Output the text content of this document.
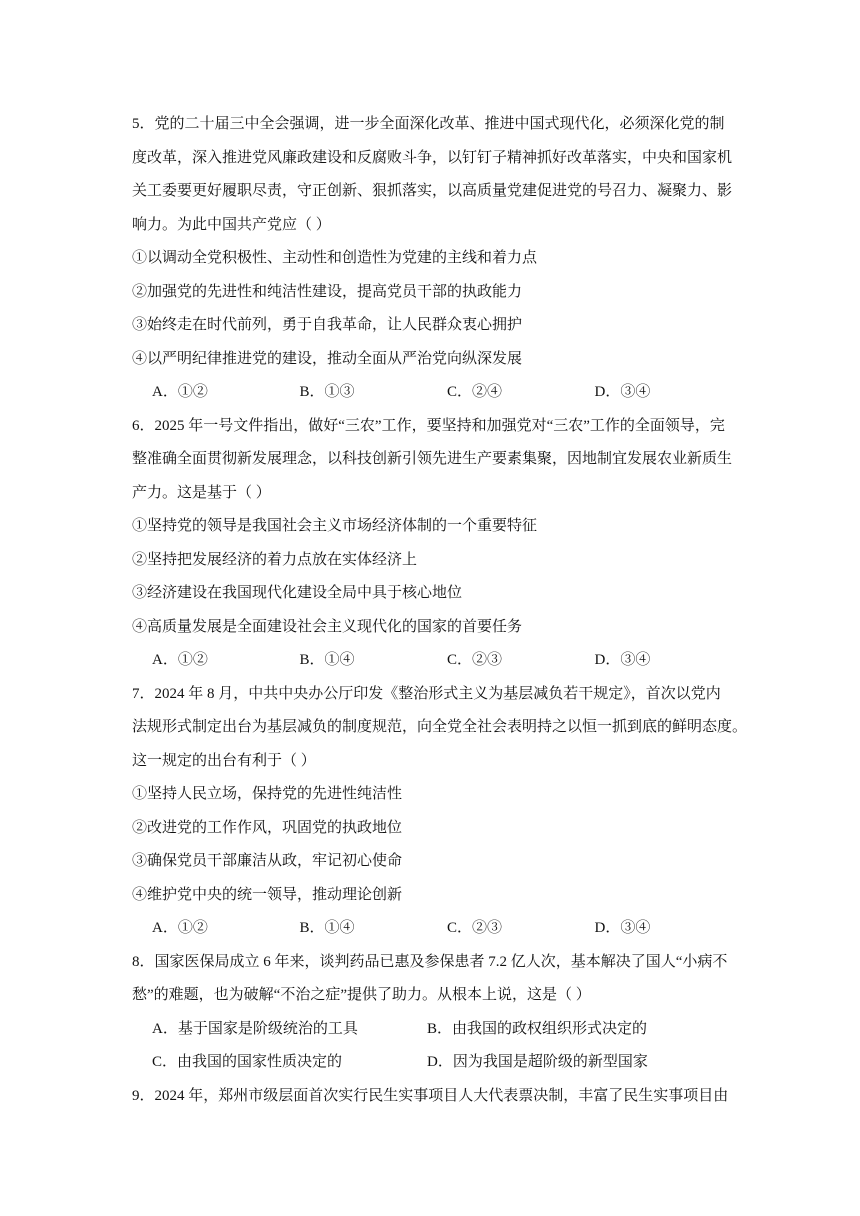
5．党的二十届三中全会强调，进一步全面深化改革、推进中国式现代化，必须深化党的制
度改革，深入推进党风廉政建设和反腐败斗争，以钉钉子精神抓好改革落实，中央和国家机
关工委要更好履职尽责，守正创新、狠抓落实，以高质量党建促进党的号召力、凝聚力、影
响力。为此中国共产党应（ ）
①以调动全党积极性、主动性和创造性为党建的主线和着力点
②加强党的先进性和纯洁性建设，提高党员干部的执政能力
③始终走在时代前列，勇于自我革命，让人民群众衷心拥护
④以严明纪律推进党的建设，推动全面从严治党向纵深发展
A．①②	B．①③	C．②④	D．③④
6．2025 年一号文件指出，做好“三农”工作，要坚持和加强党对“三农”工作的全面领导，完
整准确全面贯彻新发展理念，以科技创新引领先进生产要素集聚，因地制宜发展农业新质生
产力。这是基于（ ）
①坚持党的领导是我国社会主义市场经济体制的一个重要特征
②坚持把发展经济的着力点放在实体经济上
③经济建设在我国现代化建设全局中具于核心地位
④高质量发展是全面建设社会主义现代化的国家的首要任务
A．①②	B．①④	C．②③	D．③④
7．2024 年 8 月，中共中央办公厅印发《整治形式主义为基层减负若干规定》，首次以党内
法规形式制定出台为基层减负的制度规范，向全党全社会表明持之以恒一抓到底的鲜明态度。
这一规定的出台有利于（ ）
①坚持人民立场，保持党的先进性纯洁性
②改进党的工作作风，巩固党的执政地位
③确保党员干部廉洁从政，牢记初心使命
④维护党中央的统一领导，推动理论创新
A．①②	B．①④	C．②③	D．③④
8．国家医保局成立 6 年来，谈判药品已惠及参保患者 7.2 亿人次，基本解决了国人“小病不
愁”的难题，也为破解“不治之症”提供了助力。从根本上说，这是（ ）
A．基于国家是阶级统治的工具	B．由我国的政权组织形式决定的
C．由我国的国家性质决定的	D．因为我国是超阶级的新型国家
9．2024 年，郑州市级层面首次实行民生实事项目人大代表票决制，丰富了民生实事项目由
